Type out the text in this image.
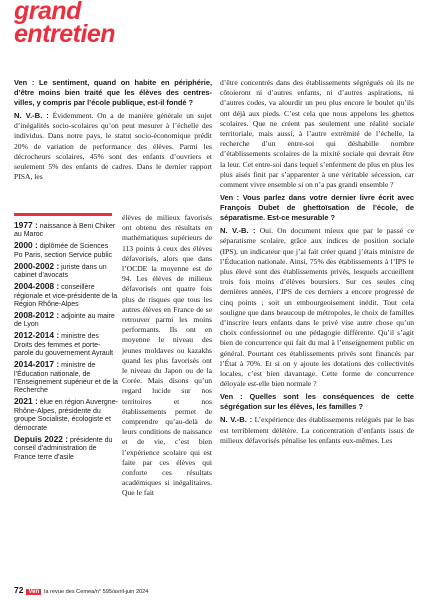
grand
entretien

Ven : Le sentiment, quand on habite en périphérie, d’être moins bien traité que les élèves des centres-villes, y compris par l’école publique, est-il fondé ?

N. V.-B. : Évidemment. On a de manière générale un sujet d’inégalités socio-scolaires qu’on peut mesurer à l’échelle des individus. Dans notre pays, le statut socio-économique prédit 20% de variation de performance des élèves. Parmi les décrocheurs scolaires, 45% sont des enfants d’ouvriers et seulement 5% des enfants de cadres. Dans le dernier rapport PISA, les

1977 : naissance à Beni Chiker au Maroc
2000 : diplômée de Sciences Po Paris, section Service public
2000-2002 : juriste dans un cabinet d’avocats
2004-2008 : conseillère régionale et vice-présidente de la Région Rhône-Alpes
2008-2012 : adjointe au maire de Lyon
2012-2014 : ministre des Droits des femmes et porte-parole du gouvernement Ayrault
2014-2017 : ministre de l’Éducation nationale, de l’Enseignement supérieur et de la Recherche
2021 : élue en région Auvergne-Rhône-Alpes, présidente du groupe Socialiste, écologiste et démocrate
Depuis 2022 : présidente du conseil d’administration de France terre d’asile

élèves de milieux favorisés ont obtenu des résultats en mathématiques supérieurs de 113 points à ceux des élèves défavorisés, alors que dans l’OCDE la moyenne est de 94. Les élèves de milieux défavorisés ont quatre fois plus de risques que tous les autres élèves en France de se retrouver parmi les moins performants. Ils ont en moyenne le niveau des jeunes moldaves ou kazakhs quand les plus favorisés ont le niveau du Japon ou de la Corée. Mais disons qu’un regard lucide sur nos territoires et nos établissements permet de comprendre qu’au-delà de leurs conditions de naissance et de vie, c’est bien l’expérience scolaire qui est faite par ces élèves qui conforte ces résultats académiques si inégalitaires. Que le fait

d’être concentrés dans des établissements ségrégués où ils ne côtoieront ni d’autres enfants, ni d’autres aspirations, ni d’autres codes, va alourdir un peu plus encore le boulet qu’ils ont déjà aux pieds. C’est cela que nous appelons les ghettos scolaires. Que ne créent pas seulement une réalité sociale territoriale, mais aussi, à l’autre extrémité de l’échelle, la recherche d’un entre-soi qui déshabille nombre d’établissements scolaires de la mixité sociale qui devrait être la leur. Cet entre-soi dans lequel s’enferment de plus en plus les plus aisés finit par s’apparenter à une véritable sécession, car comment vivre ensemble si on n’a pas grandi ensemble ?

Ven : Vous parlez dans votre dernier livre écrit avec François Dubet de ghettoïsation de l’école, de séparatisme. Est-ce mesurable ?

N. V.-B. : Oui. On document mieux que par le passé ce séparatisme scolaire, grâce aux indices de position sociale (IPS), un indicateur que j’ai fait créer quand j’étais ministre de l’Éducation nationale. Ainsi, 75% des établissements à l’IPS le plus élevé sont des établissements privés, lesquels accueillent trois fois moins d’élèves boursiers. Sur ces seules cinq dernières années, l’IPS de ces derniers a encore progressé de cinq points ; soit un embourgeoisement inédit. Tout cela souligne que dans beaucoup de métropoles, le choix de familles d’inscrire leurs enfants dans le privé vise autre chose qu’un choix confessionnel ou une pédagogie différente. Qu’il s’agit bien de concurrence qui fait du mal à l’enseignement public en général. Pourtant ces établissements privés sont financés par l’État à 70%. Et si on y ajoute les dotations des collectivités locales, c’est bien davantage. Cette forme de concurrence déloyale est-elle bien normale ?

Ven : Quelles sont les conséquences de cette ségrégation sur les élèves, les familles ?

N. V.-B. : L’expérience des établissements relégués par le bas est terriblement délétère. La concentration d’enfants issus de milieux défavorisés pénalise les enfants eux-mêmes. Les

72 Ven la revue des Cemea/n° 595/avril-juin 2024
